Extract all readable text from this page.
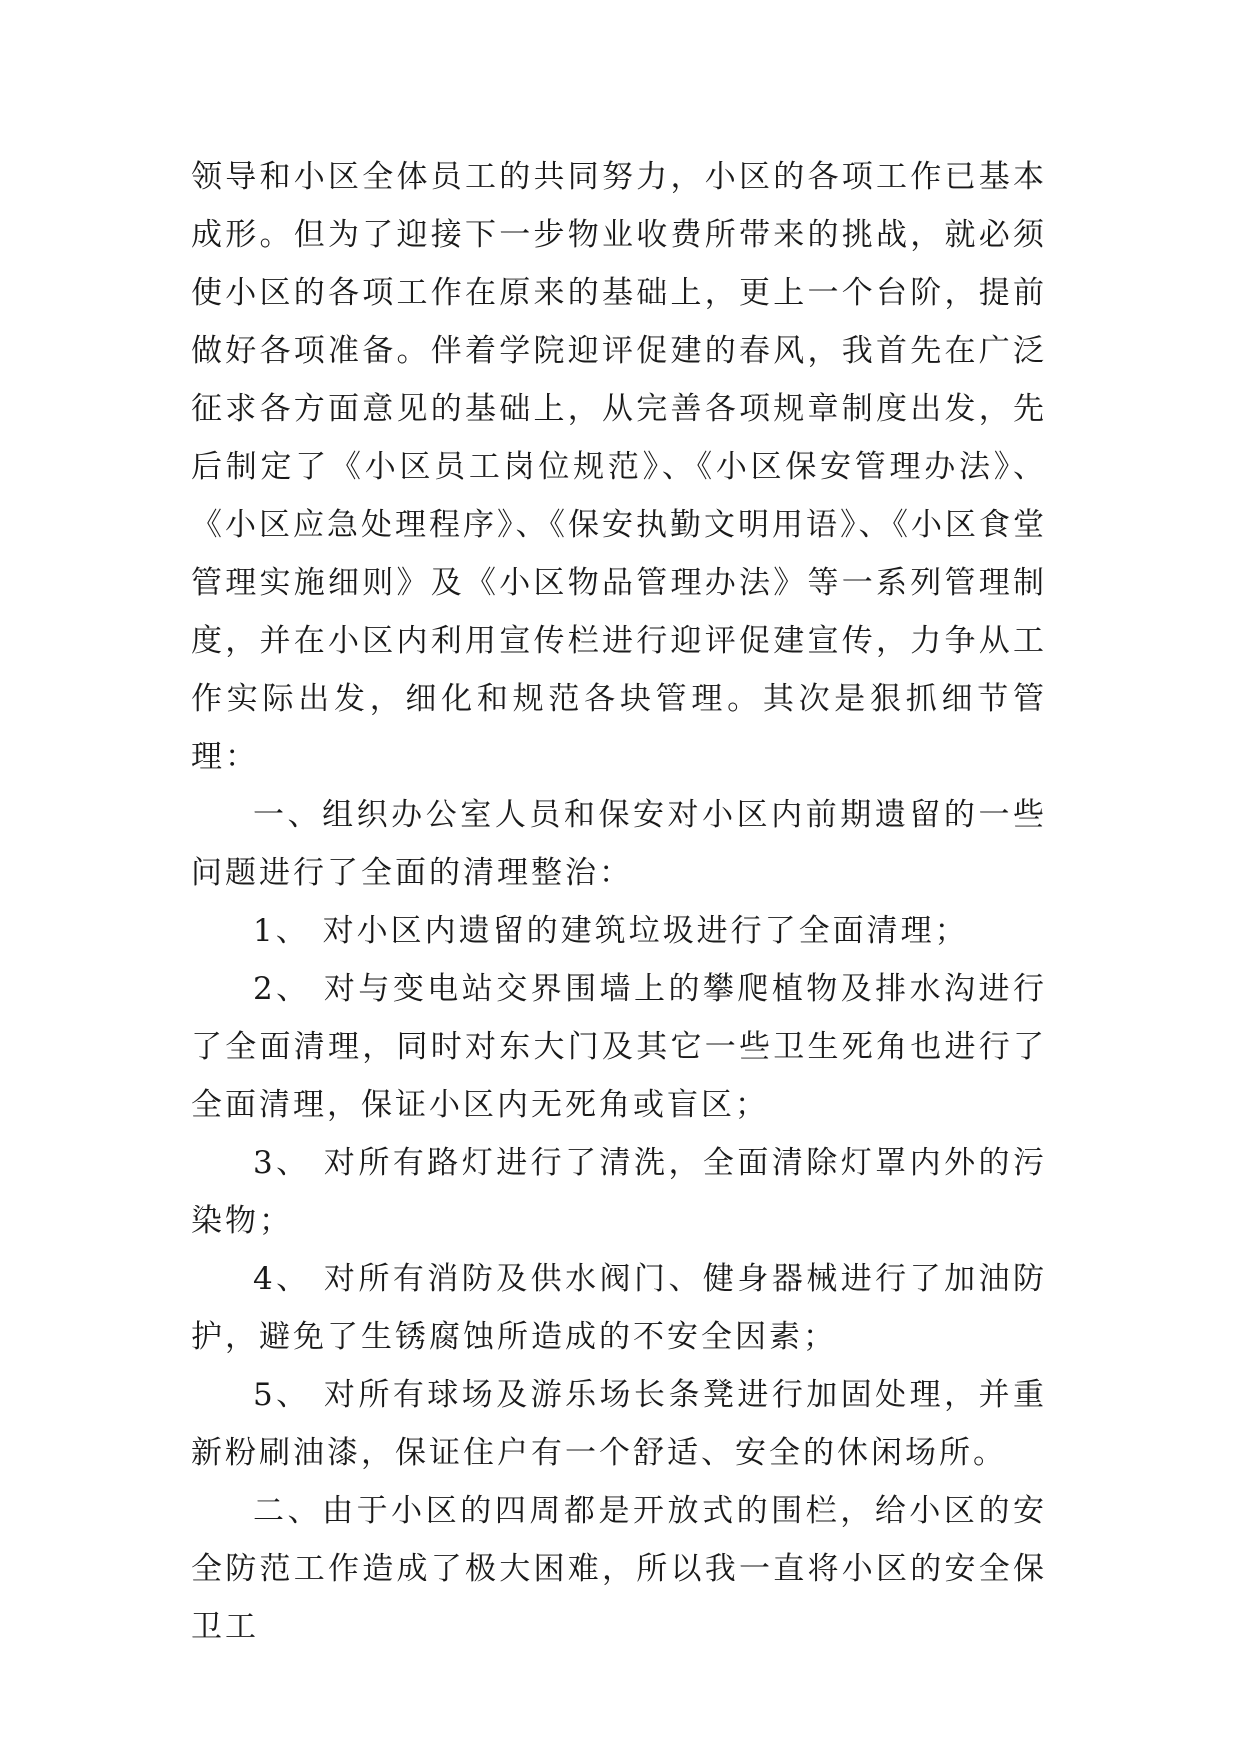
领导和小区全体员工的共同努力，小区的各项工作已基本成形。但为了迎接下一步物业收费所带来的挑战，就必须使小区的各项工作在原来的基础上，更上一个台阶，提前做好各项准备。伴着学院迎评促建的春风，我首先在广泛征求各方面意见的基础上，从完善各项规章制度出发，先后制定了《小区员工岗位规范》、《小区保安管理办法》、《小区应急处理程序》、《保安执勤文明用语》、《小区食堂管理实施细则》及《小区物品管理办法》等一系列管理制度，并在小区内利用宣传栏进行迎评促建宣传，力争从工作实际出发，细化和规范各块管理。其次是狠抓细节管理：

一、组织办公室人员和保安对小区内前期遗留的一些问题进行了全面的清理整治：

1、 对小区内遗留的建筑垃圾进行了全面清理；

2、 对与变电站交界围墙上的攀爬植物及排水沟进行了全面清理，同时对东大门及其它一些卫生死角也进行了全面清理，保证小区内无死角或盲区；

3、 对所有路灯进行了清洗，全面清除灯罩内外的污染物；

4、 对所有消防及供水阀门、健身器械进行了加油防护，避免了生锈腐蚀所造成的不安全因素；

5、 对所有球场及游乐场长条凳进行加固处理，并重新粉刷油漆，保证住户有一个舒适、安全的休闲场所。

二、由于小区的四周都是开放式的围栏，给小区的安全防范工作造成了极大困难，所以我一直将小区的安全保卫工
